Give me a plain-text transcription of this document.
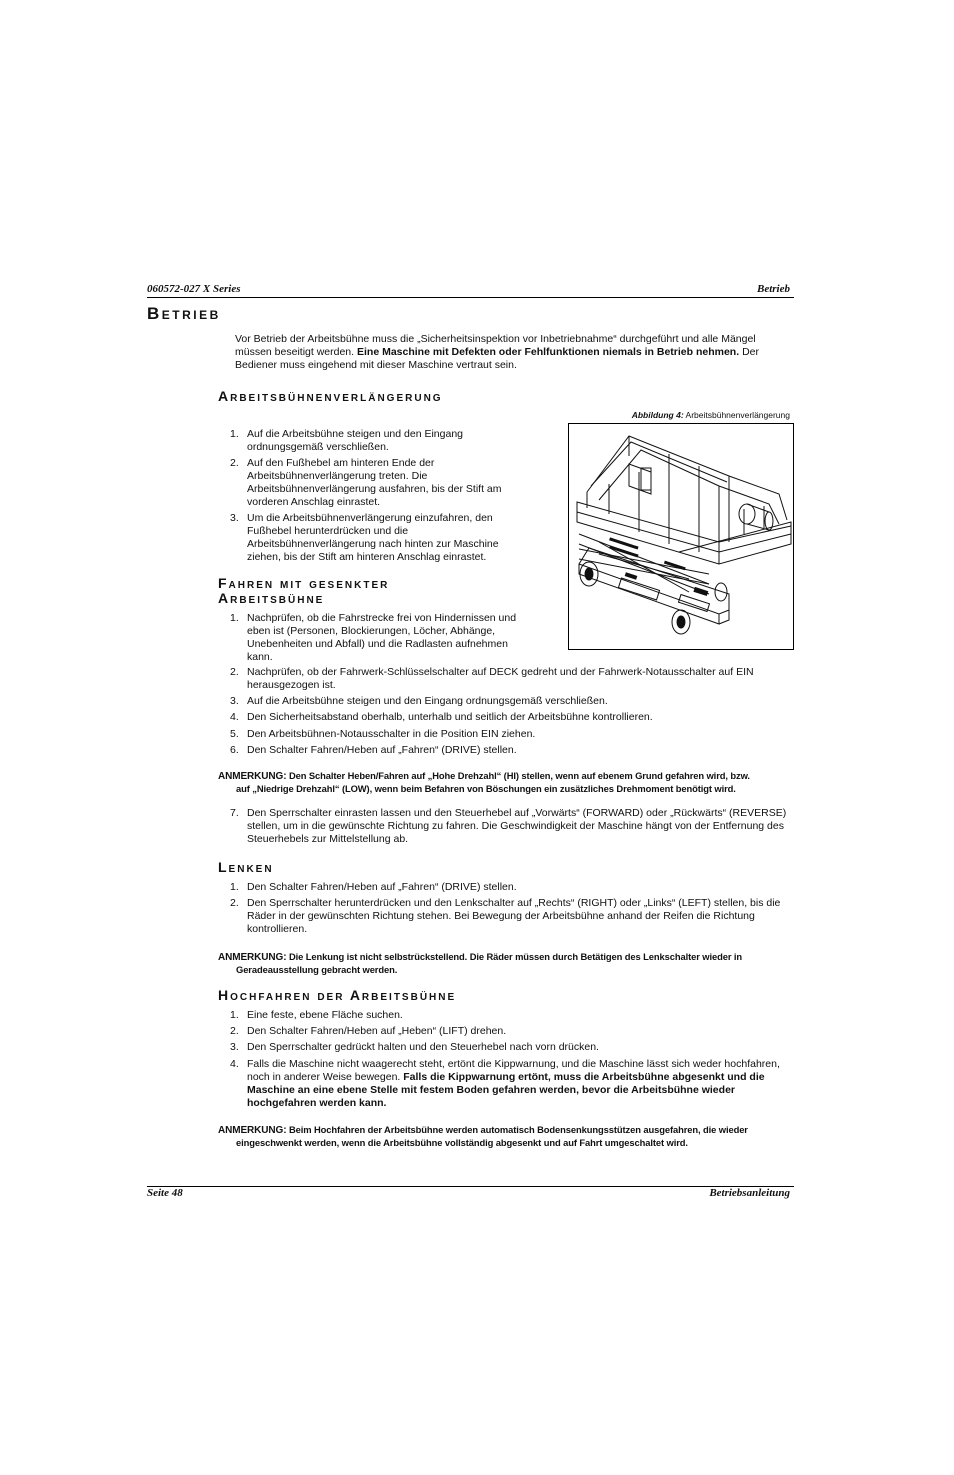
060572-027 X Series	Betrieb
Betrieb
Vor Betrieb der Arbeitsbühne muss die „Sicherheitsinspektion vor Inbetriebnahme“ durchgeführt und alle Mängel müssen beseitigt werden. Eine Maschine mit Defekten oder Fehlfunktionen niemals in Betrieb nehmen. Der Bediener muss eingehend mit dieser Maschine vertraut sein.
Arbeitsbühnenverlängerung
Abbildung 4: Arbeitsbühnenverlängerung
1. Auf die Arbeitsbühne steigen und den Eingang ordnungsgemäß verschließen.
2. Auf den Fußhebel am hinteren Ende der Arbeitsbühnenverlängerung treten. Die Arbeitsbühnenverlängerung ausfahren, bis der Stift am vorderen Anschlag einrastet.
3. Um die Arbeitsbühnenverlängerung einzufahren, den Fußhebel herunterdrücken und die Arbeitsbühnenverlängerung nach hinten zur Maschine ziehen, bis der Stift am hinteren Anschlag einrastet.
Fahren mit gesenkter
Arbeitsbühne
1. Nachprüfen, ob die Fahrstrecke frei von Hindernissen und eben ist (Personen, Blockierungen, Löcher, Abhänge, Unebenheiten und Abfall) und die Radlasten aufnehmen kann.
2. Nachprüfen, ob der Fahrwerk-Schlüsselschalter auf DECK gedreht und der Fahrwerk-Notausschalter auf EIN herausgezogen ist.
3. Auf die Arbeitsbühne steigen und den Eingang ordnungsgemäß verschließen.
4. Den Sicherheitsabstand oberhalb, unterhalb und seitlich der Arbeitsbühne kontrollieren.
5. Den Arbeitsbühnen-Notausschalter in die Position EIN ziehen.
6. Den Schalter Fahren/Heben auf „Fahren“ (DRIVE) stellen.
ANMERKUNG: Den Schalter Heben/Fahren auf „Hohe Drehzahl“ (HI) stellen, wenn auf ebenem Grund gefahren wird, bzw.
auf „Niedrige Drehzahl“ (LOW), wenn beim Befahren von Böschungen ein zusätzliches Drehmoment benötigt wird.
7. Den Sperrschalter einrasten lassen und den Steuerhebel auf „Vorwärts“ (FORWARD) oder „Rückwärts“ (REVERSE) stellen, um in die gewünschte Richtung zu fahren. Die Geschwindigkeit der Maschine hängt von der Entfernung des Steuerhebels zur Mittelstellung ab.
Lenken
1. Den Schalter Fahren/Heben auf „Fahren“ (DRIVE) stellen.
2. Den Sperrschalter herunterdrücken und den Lenkschalter auf „Rechts“ (RIGHT) oder „Links“ (LEFT) stellen, bis die Räder in der gewünschten Richtung stehen. Bei Bewegung der Arbeitsbühne anhand der Reifen die Richtung kontrollieren.
ANMERKUNG: Die Lenkung ist nicht selbstrückstellend. Die Räder müssen durch Betätigen des Lenkschalter wieder in
Geradeausstellung gebracht werden.
Hochfahren der Arbeitsbühne
1. Eine feste, ebene Fläche suchen.
2. Den Schalter Fahren/Heben auf „Heben“ (LIFT) drehen.
3. Den Sperrschalter gedrückt halten und den Steuerhebel nach vorn drücken.
4. Falls die Maschine nicht waagerecht steht, ertönt die Kippwarnung, und die Maschine lässt sich weder hochfahren, noch in anderer Weise bewegen. Falls die Kippwarnung ertönt, muss die Arbeitsbühne abgesenkt und die Maschine an eine ebene Stelle mit festem Boden gefahren werden, bevor die Arbeitsbühne wieder hochgefahren werden kann.
ANMERKUNG: Beim Hochfahren der Arbeitsbühne werden automatisch Bodensenkungsstützen ausgefahren, die wieder
eingeschwenkt werden, wenn die Arbeitsbühne vollständig abgesenkt und auf Fahrt umgeschaltet wird.
Seite 48	Betriebsanleitung
